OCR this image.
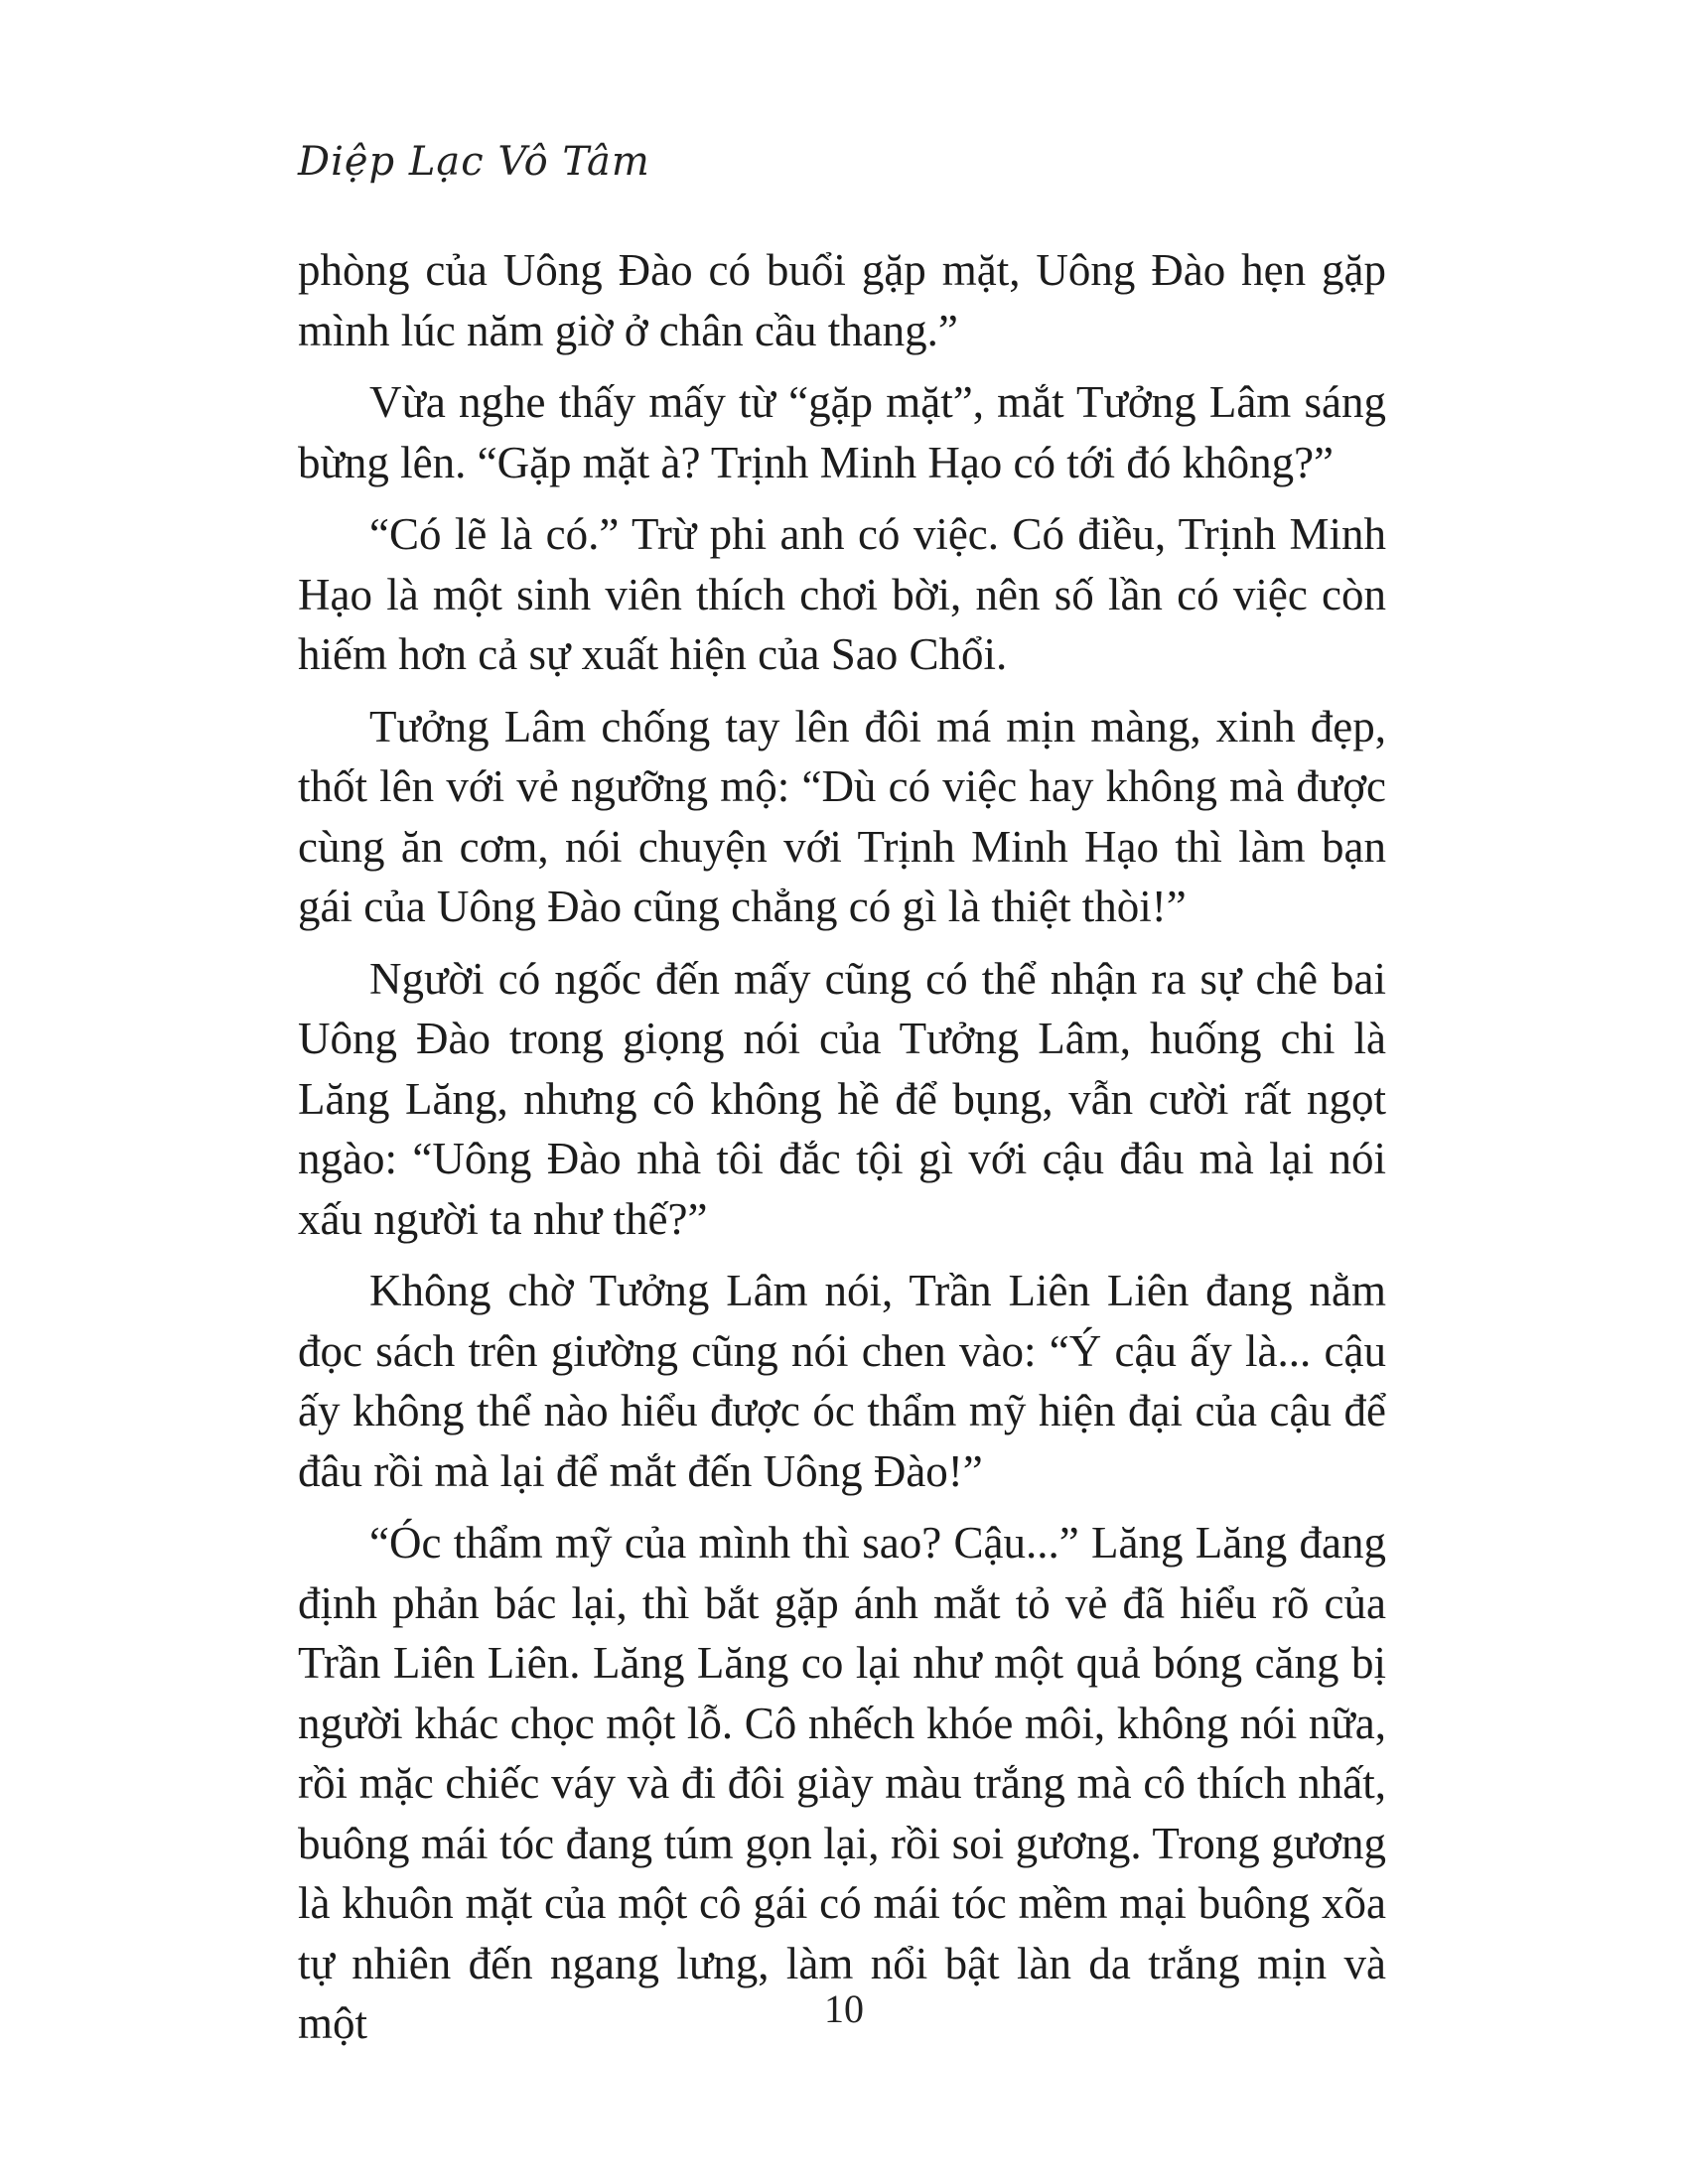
Diệp Lạc Vô Tâm

phòng của Uông Đào có buổi gặp mặt, Uông Đào hẹn gặp mình lúc năm giờ ở chân cầu thang.”

Vừa nghe thấy mấy từ “gặp mặt”, mắt Tưởng Lâm sáng bừng lên. “Gặp mặt à? Trịnh Minh Hạo có tới đó không?”

“Có lẽ là có.” Trừ phi anh có việc. Có điều, Trịnh Minh Hạo là một sinh viên thích chơi bời, nên số lần có việc còn hiếm hơn cả sự xuất hiện của Sao Chổi.

Tưởng Lâm chống tay lên đôi má mịn màng, xinh đẹp, thốt lên với vẻ ngưỡng mộ: “Dù có việc hay không mà được cùng ăn cơm, nói chuyện với Trịnh Minh Hạo thì làm bạn gái của Uông Đào cũng chẳng có gì là thiệt thòi!”

Người có ngốc đến mấy cũng có thể nhận ra sự chê bai Uông Đào trong giọng nói của Tưởng Lâm, huống chi là Lăng Lăng, nhưng cô không hề để bụng, vẫn cười rất ngọt ngào: “Uông Đào nhà tôi đắc tội gì với cậu đâu mà lại nói xấu người ta như thế?”

Không chờ Tưởng Lâm nói, Trần Liên Liên đang nằm đọc sách trên giường cũng nói chen vào: “Ý cậu ấy là... cậu ấy không thể nào hiểu được óc thẩm mỹ hiện đại của cậu để đâu rồi mà lại để mắt đến Uông Đào!”

“Óc thẩm mỹ của mình thì sao? Cậu...” Lăng Lăng đang định phản bác lại, thì bắt gặp ánh mắt tỏ vẻ đã hiểu rõ của Trần Liên Liên. Lăng Lăng co lại như một quả bóng căng bị người khác chọc một lỗ. Cô nhếch khóe môi, không nói nữa, rồi mặc chiếc váy và đi đôi giày màu trắng mà cô thích nhất, buông mái tóc đang túm gọn lại, rồi soi gương. Trong gương là khuôn mặt của một cô gái có mái tóc mềm mại buông xõa tự nhiên đến ngang lưng, làm nổi bật làn da trắng mịn và một	10
